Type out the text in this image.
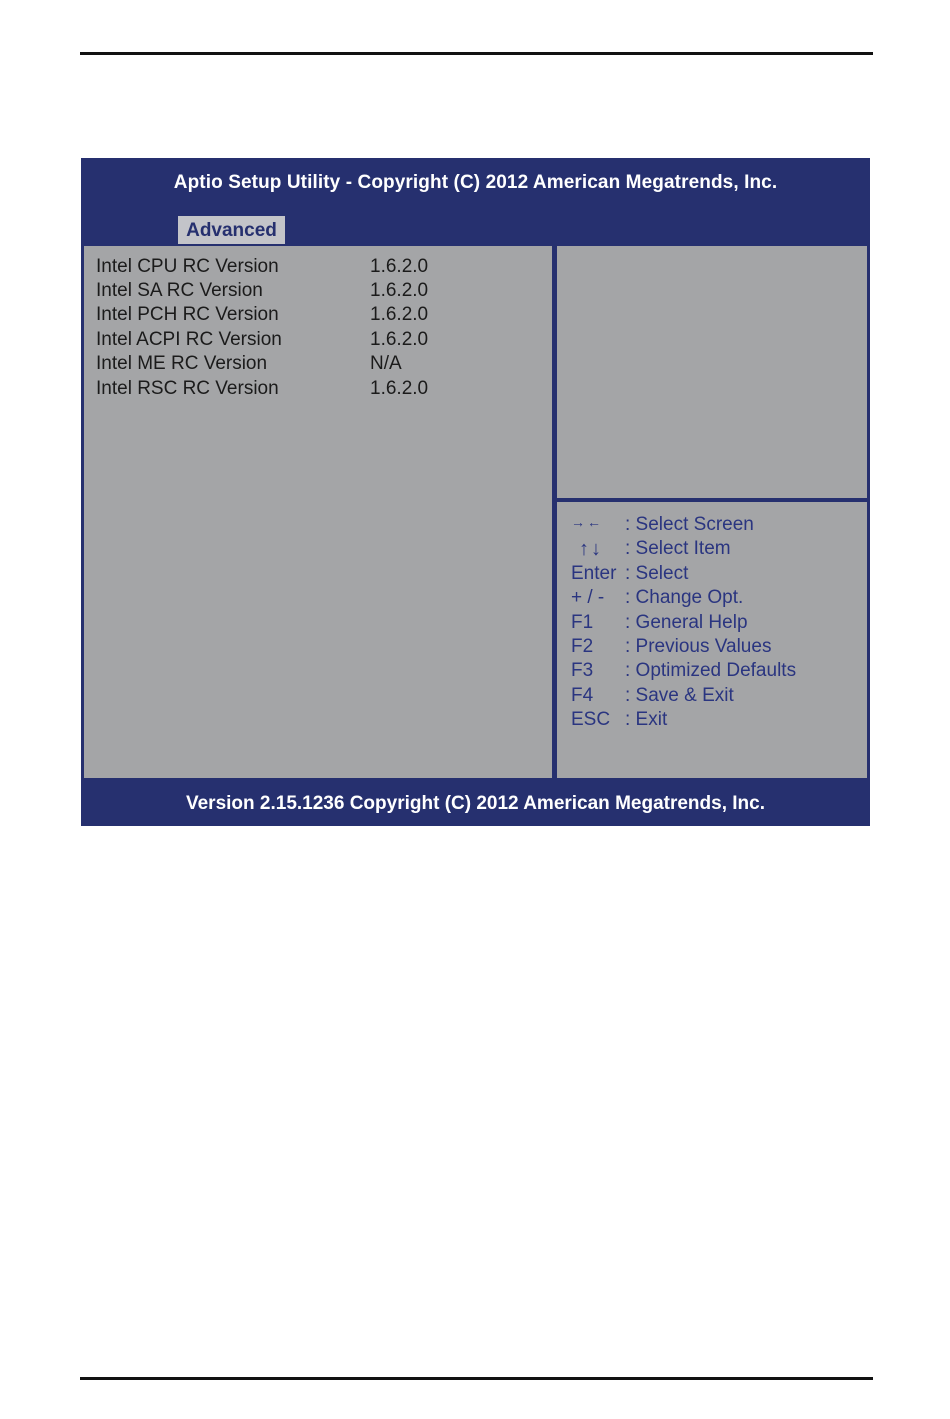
Aptio Setup Utility - Copyright (C) 2012 American Megatrends, Inc.
Advanced
Intel CPU RC Version	1.6.2.0
Intel SA RC Version	1.6.2.0
Intel PCH RC Version	1.6.2.0
Intel ACPI RC Version	1.6.2.0
Intel ME RC Version	N/A
Intel RSC RC Version	1.6.2.0
→← : Select Screen
↑↓ : Select Item
Enter : Select
+ / - : Change Opt.
F1 : General Help
F2 : Previous Values
F3 : Optimized Defaults
F4 : Save & Exit
ESC : Exit
Version 2.15.1236 Copyright (C) 2012 American Megatrends, Inc.
